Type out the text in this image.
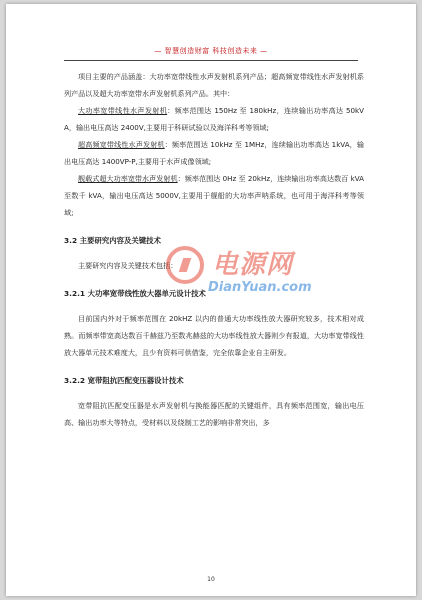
— 智慧创造财富 科技创造未来 —

项目主要的产品涵盖：大功率宽带线性水声发射机系列产品；超高频宽带线性水声发射机系列产品以及超大功率宽带水声发射机系列产品。其中：

大功率宽带线性水声发射机：频率范围达 150Hz 至 180kHz，连续输出功率高达 50kVA，输出电压高达 2400V,主要用于科研试验以及海洋科考等领域;

超高频宽带线性水声发射机：频率范围达 10kHz 至 1MHz，连续输出功率高达 1kVA，输出电压高达 1400VP-P,主要用于水声成像领域;

舰载式超大功率宽带水声发射机：频率范围达 0Hz 至 20kHz，连续输出功率高达数百 kVA 至数千 kVA，输出电压高达 5000V,主要用于舰船的大功率声呐系统，也可用于海洋科考等领域;

3.2 主要研究内容及关键技术

主要研究内容及关键技术包括：

3.2.1 大功率宽带线性放大器单元设计技术

目前国内外对于频率范围在 20kHZ 以内的普通大功率线性放大器研究较多，技术相对成熟。而频率带宽高达数百千赫兹乃至数兆赫兹的大功率线性放大器则少有报道，大功率宽带线性放大器单元技术难度大，且少有资料可供借鉴，完全依靠企业自主研发。

3.2.2 宽带阻抗匹配变压器设计技术

宽带阻抗匹配变压器是水声发射机与换能器匹配的关键组件，具有频率范围宽，输出电压高、输出功率大等特点，受材料以及绕制工艺的影响非常突出，多

电源网
DianYuan.com
10
